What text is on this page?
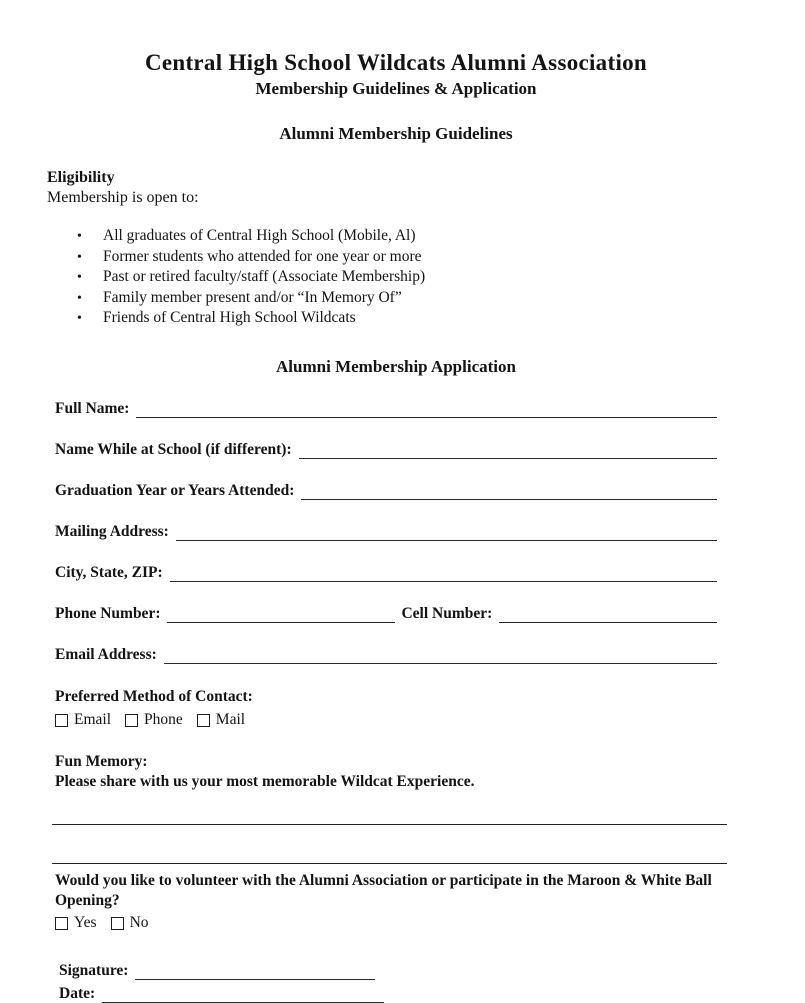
Central High School Wildcats Alumni Association
Membership Guidelines & Application
Alumni Membership Guidelines
Eligibility
Membership is open to:
•
All graduates of Central High School (Mobile, Al)
•
Former students who attended for one year or more
•
Past or retired faculty/staff (Associate Membership)
•
Family member present and/or “In Memory Of”
•
Friends of Central High School Wildcats
Alumni Membership Application
Full Name:
Name While at School (if different):
Graduation Year or Years Attended:
Mailing Address:
City, State, ZIP:
Phone Number:	Cell Number:
Email Address:
Preferred Method of Contact:
Email Phone Mail
Fun Memory:
Please share with us your most memorable Wildcat Experience.
Would you like to volunteer with the Alumni Association or participate in the Maroon & White Ball Opening?
Yes No
Signature:
Date:
